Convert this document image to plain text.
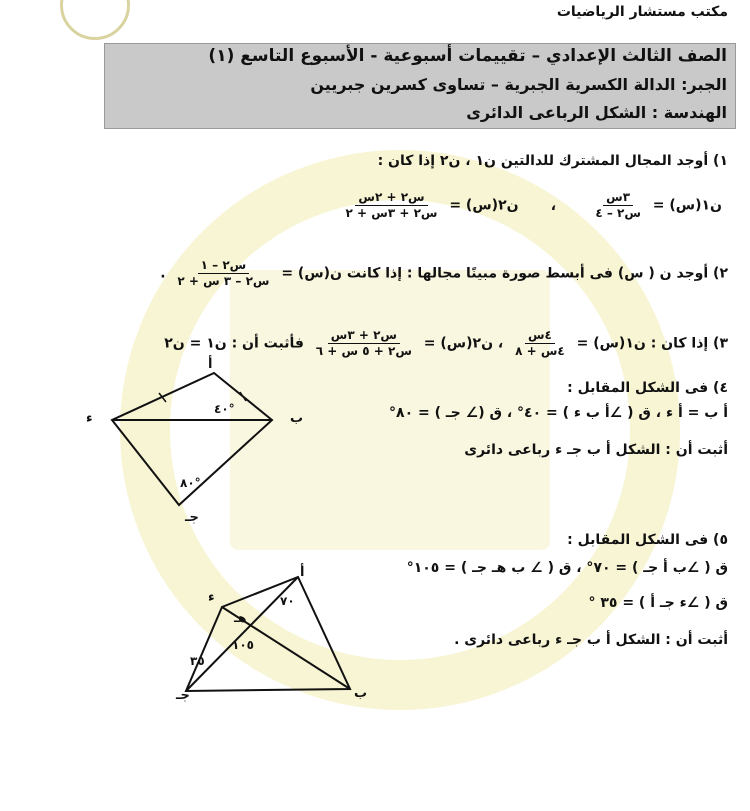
مكتب مستشار الرياضيات
الصف الثالث الإعدادي – تقييمات أسبوعية - الأسبوع التاسع (١)
الجبر: الدالة الكسرية الجبرية – تساوى كسرين جبريين
الهندسة : الشكل الرباعى الدائرى
١) أوجد المجال المشترك للدالتين ن١ ، ن٢ إذا كان :
ن١(س) =
$\frac{\text{٣س}}{\text{س٢ – ٤}}$
، ن٢(س) =
$\frac{\text{س٢ + ٢س}}{\text{س٢ + ٣س + ٢}}$
٢) أوجد ن ( س) فى أبسط صورة مبينًا مجالها : إذا كانت ن(س) =
$\frac{\text{س٢ – ١}}{\text{س٢ – ٣ س + ٢}}$
.
٣) إذا كان : ن١(س) =
$\frac{\text{٤س}}{\text{٤س + ٨}}$
، ن٢(س) =
$\frac{\text{س٢ + ٣س}}{\text{س٢ + ٥ س + ٦}}$
فأثبت أن : ن١ = ن٢
٤) فى الشكل المقابل :
أ ب = أ ء ، ق ( ∠أ ب ء ) = ٤٠° ، ق (∠ جـ ) = ٨٠°
أثبت أن : الشكل أ ب جـ ء رباعى دائرى
أ
ب
ء
جـ
٤٠°
٨٠°
٥) فى الشكل المقابل :
ق ( ∠ب أ جـ ) = ٧٠° ، ق ( ∠ ب هـ جـ ) = ١٠٥°
ق ( ∠ء جـ أ ) = ٣٥ °
أثبت أن : الشكل أ ب جـ ء رباعى دائرى .
أ
ب
جـ
ء
هـ
٧٠
١٠٥
٣٥
